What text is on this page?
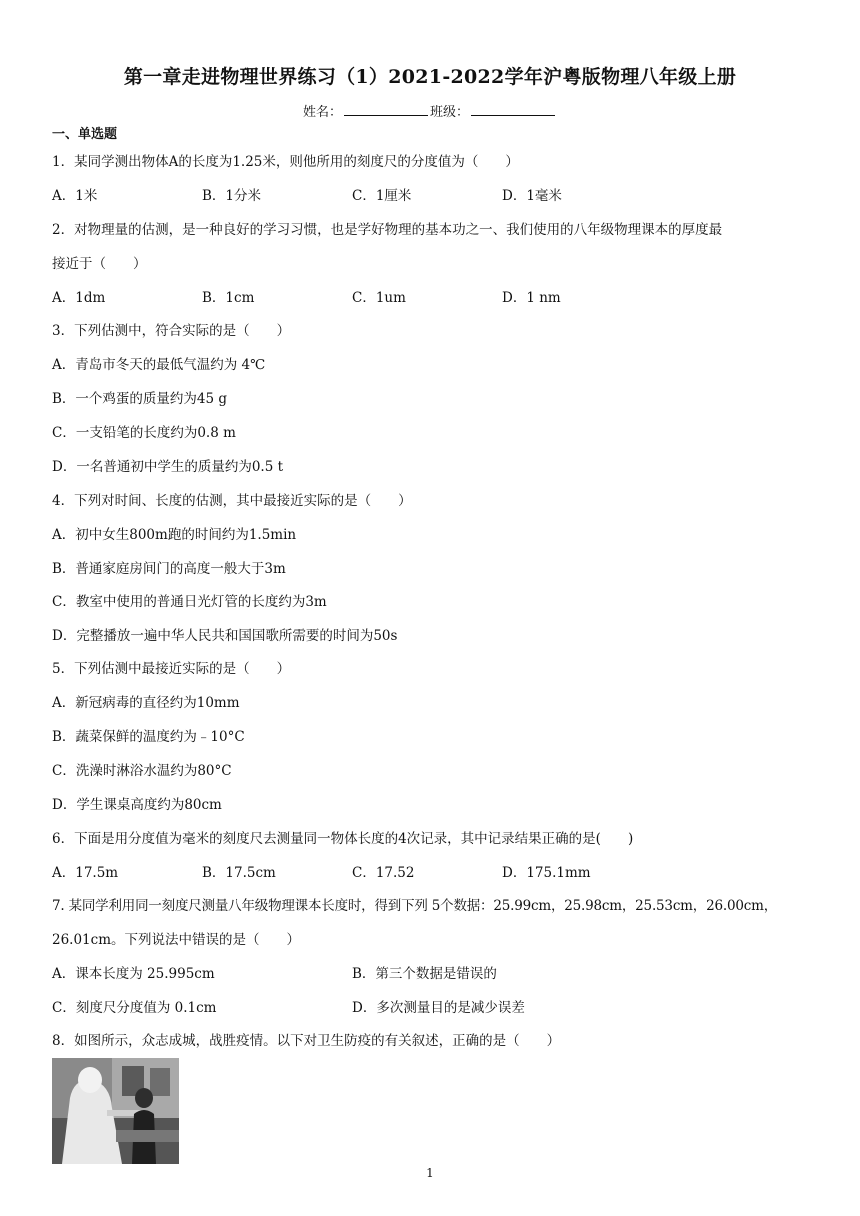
第一章走进物理世界练习（1）2021-2022学年沪粤版物理八年级上册
姓名：	班级：
一、单选题
1．某同学测出物体A的长度为1.25米，则他所用的刻度尺的分度值为（　　）
A．1米	B．1分米	C．1厘米	D．1毫米
2．对物理量的估测，是一种良好的学习习惯，也是学好物理的基本功之一、我们使用的八年级物理课本的厚度最
接近于（　　）
A．1dm	B．1cm	C．1um	D．1 nm
3．下列估测中，符合实际的是（　　）
A．青岛市冬天的最低气温约为 4℃
B．一个鸡蛋的质量约为45 g
C．一支铅笔的长度约为0.8 m
D．一名普通初中学生的质量约为0.5 t
4．下列对时间、长度的估测，其中最接近实际的是（　　）
A．初中女生800m跑的时间约为1.5min
B．普通家庭房间门的高度一般大于3m
C．教室中使用的普通日光灯管的长度约为3m
D．完整播放一遍中华人民共和国国歌所需要的时间为50s
5．下列估测中最接近实际的是（　　）
A．新冠病毒的直径约为10mm
B．蔬菜保鲜的温度约为﹣10°C
C．洗澡时淋浴水温约为80°C
D．学生课桌高度约为80cm
6．下面是用分度值为毫米的刻度尺去测量同一物体长度的4次记录，其中记录结果正确的是(　　)
A．17.5m	B．17.5cm	C．17.52	D．175.1mm
7. 某同学利用同一刻度尺测量八年级物理课本长度时，得到下列 5个数据：25.99cm，25.98cm，25.53cm，26.00cm，
26.01cm。下列说法中错误的是（　　）
A．课本长度为 25.995cm	B．第三个数据是错误的
C．刻度尺分度值为 0.1cm	D．多次测量目的是减少误差
8．如图所示，众志成城，战胜疫情。以下对卫生防疫的有关叙述，正确的是（　　）
1
